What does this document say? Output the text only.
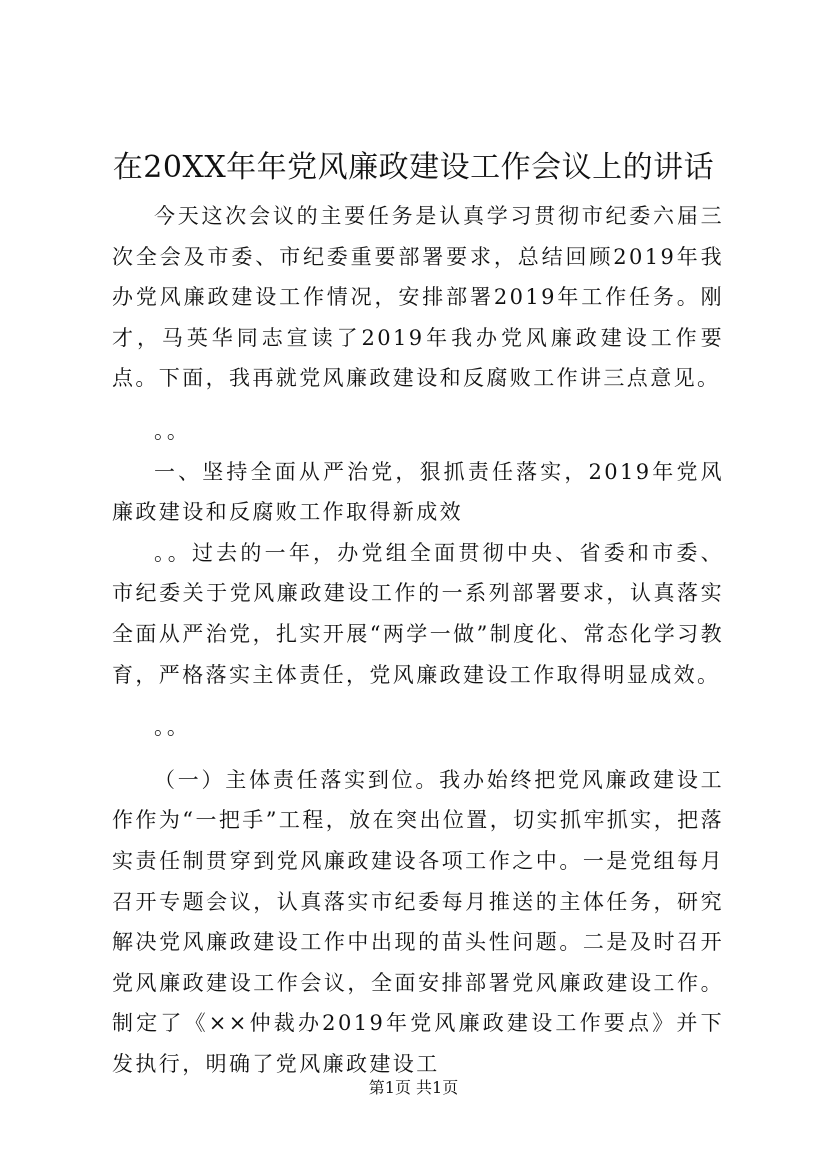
在20XX年年党风廉政建设工作会议上的讲话

今天这次会议的主要任务是认真学习贯彻市纪委六届三次全会及市委、市纪委重要部署要求，总结回顾2019年我办党风廉政建设工作情况，安排部署2019年工作任务。刚才，马英华同志宣读了2019年我办党风廉政建设工作要点。下面，我再就党风廉政建设和反腐败工作讲三点意见。

。。

一、坚持全面从严治党，狠抓责任落实，2019年党风廉政建设和反腐败工作取得新成效

。。过去的一年，办党组全面贯彻中央、省委和市委、市纪委关于党风廉政建设工作的一系列部署要求，认真落实全面从严治党，扎实开展“两学一做”制度化、常态化学习教育，严格落实主体责任，党风廉政建设工作取得明显成效。

。。

（一）主体责任落实到位。我办始终把党风廉政建设工作作为“一把手”工程，放在突出位置，切实抓牢抓实，把落实责任制贯穿到党风廉政建设各项工作之中。一是党组每月召开专题会议，认真落实市纪委每月推送的主体任务，研究解决党风廉政建设工作中出现的苗头性问题。二是及时召开党风廉政建设工作会议，全面安排部署党风廉政建设工作。制定了《××仲裁办2019年党风廉政建设工作要点》并下发执行，明确了党风廉政建设工

第1页 共1页
